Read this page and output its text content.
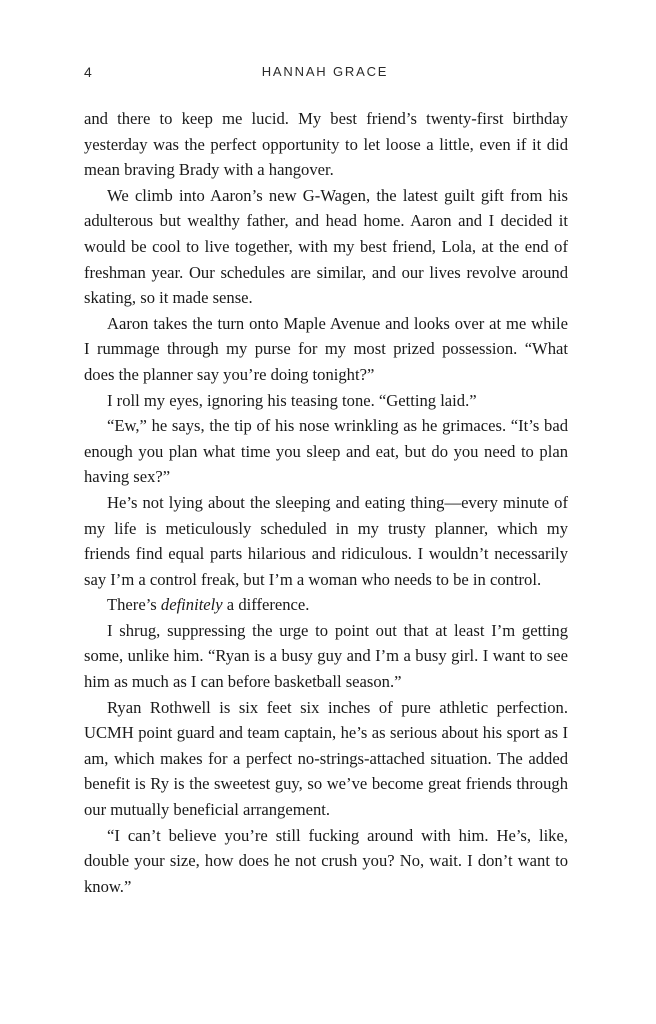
4	HANNAH GRACE

and there to keep me lucid. My best friend’s twenty-first birthday yesterday was the perfect opportunity to let loose a little, even if it did mean braving Brady with a hangover.

We climb into Aaron’s new G-Wagen, the latest guilt gift from his adulterous but wealthy father, and head home. Aaron and I decided it would be cool to live together, with my best friend, Lola, at the end of freshman year. Our schedules are similar, and our lives revolve around skating, so it made sense.

Aaron takes the turn onto Maple Avenue and looks over at me while I rummage through my purse for my most prized possession. “What does the planner say you’re doing tonight?”

I roll my eyes, ignoring his teasing tone. “Getting laid.”

“Ew,” he says, the tip of his nose wrinkling as he grimaces. “It’s bad enough you plan what time you sleep and eat, but do you need to plan having sex?”

He’s not lying about the sleeping and eating thing—every minute of my life is meticulously scheduled in my trusty planner, which my friends find equal parts hilarious and ridiculous. I wouldn’t necessarily say I’m a control freak, but I’m a woman who needs to be in control.

There’s definitely a difference.

I shrug, suppressing the urge to point out that at least I’m getting some, unlike him. “Ryan is a busy guy and I’m a busy girl. I want to see him as much as I can before basketball season.”

Ryan Rothwell is six feet six inches of pure athletic perfection. UCMH point guard and team captain, he’s as serious about his sport as I am, which makes for a perfect no-strings-attached situation. The added benefit is Ry is the sweetest guy, so we’ve become great friends through our mutually beneficial arrangement.

“I can’t believe you’re still fucking around with him. He’s, like, double your size, how does he not crush you? No, wait. I don’t want to know.”
